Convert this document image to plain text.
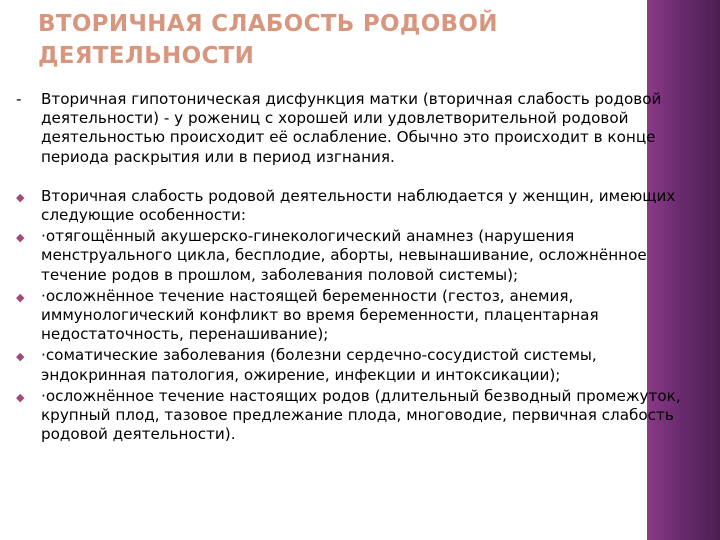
ВТОРИЧНАЯ СЛАБОСТЬ РОДОВОЙ ДЕЯТЕЛЬНОСТИ

- Вторичная гипотоническая дисфункция матки (вторичная слабость родовой деятельности) - у рожениц с хорошей или удовлетворительной родовой деятельностью происходит её ослабление. Обычно это происходит в конце периода раскрытия или в период изгнания.

◆ Вторичная слабость родовой деятельности наблюдается у женщин, имеющих следующие особенности:
◆ ·отягощённый акушерско-гинекологический анамнез (нарушения менструального цикла, бесплодие, аборты, невынашивание, осложнённое течение родов в прошлом, заболевания половой системы);
◆ ·осложнённое течение настоящей беременности (гестоз, анемия, иммунологический конфликт во время беременности, плацентарная недостаточность, перенашивание);
◆ ·соматические заболевания (болезни сердечно-сосудистой системы, эндокринная патология, ожирение, инфекции и интоксикации);
◆ ·осложнённое течение настоящих родов (длительный безводный промежуток, крупный плод, тазовое предлежание плода, многоводие, первичная слабость родовой деятельности).
